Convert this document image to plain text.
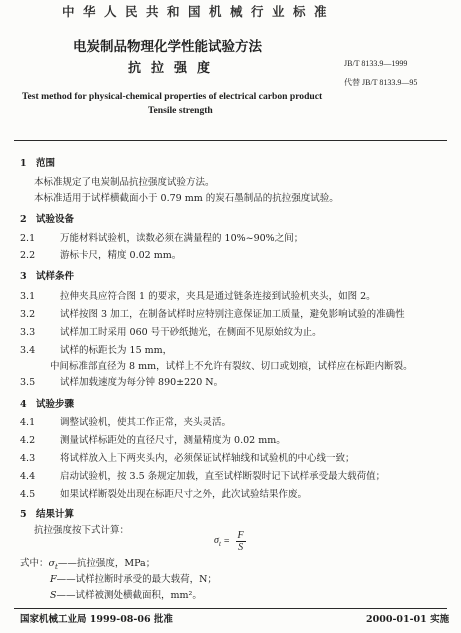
中华人民共和国机械行业标准
电炭制品物理化学性能试验方法
抗拉强度	JB/T 8133.9—1999
代替 JB/T 8133.9—95
Test method for physical-chemical properties of electrical carbon product
Tensile strength
1 范围
本标准规定了电炭制品抗拉强度试验方法。
本标准适用于试样横截面小于 0.79 mm 的炭石墨制品的抗拉强度试验。
2 试验设备
2.1	万能材料试验机，读数必须在满量程的 10%~90%之间；
2.2	游标卡尺，精度 0.02 mm。
3 试样条件
3.1	拉伸夹具应符合图 1 的要求，夹具是通过链条连接到试验机夹头，如图 2。
3.2	试样按图 3 加工，在制备试样时应特别注意保证加工质量，避免影响试验的准确性
3.3	试样加工时采用 060 号干砂纸抛光，在侧面不见原始纹为止。
3.4	试样的标距长为 15 mm，
中间标准部直径为 8 mm，试样上不允许有裂纹、切口或划痕，试样应在标距内断裂。
3.5	试样加载速度为每分钟 890±220 N。
4 试验步骤
4.1	调整试验机，使其工作正常，夹头灵活。
4.2	测量试样标距处的直径尺寸，测量精度为 0.02 mm。
4.3	将试样放入上下两夹头内，必须保证试样轴线和试验机的中心线一致；
4.4	启动试验机，按 3.5 条规定加载，直至试样断裂时记下试样承受最大载荷值；
4.5	如果试样断裂处出现在标距尺寸之外，此次试验结果作废。
5 结果计算
抗拉强度按下式计算：
$\sigma_t = \frac{F}{S}$
式中：$\sigma_t——$抗拉强度，MPa；
F——试样拉断时承受的最大载荷，N；
S——试样被测处横截面积，mm²。
国家机械工业局 1999-08-06 批准	2000-01-01 实施
